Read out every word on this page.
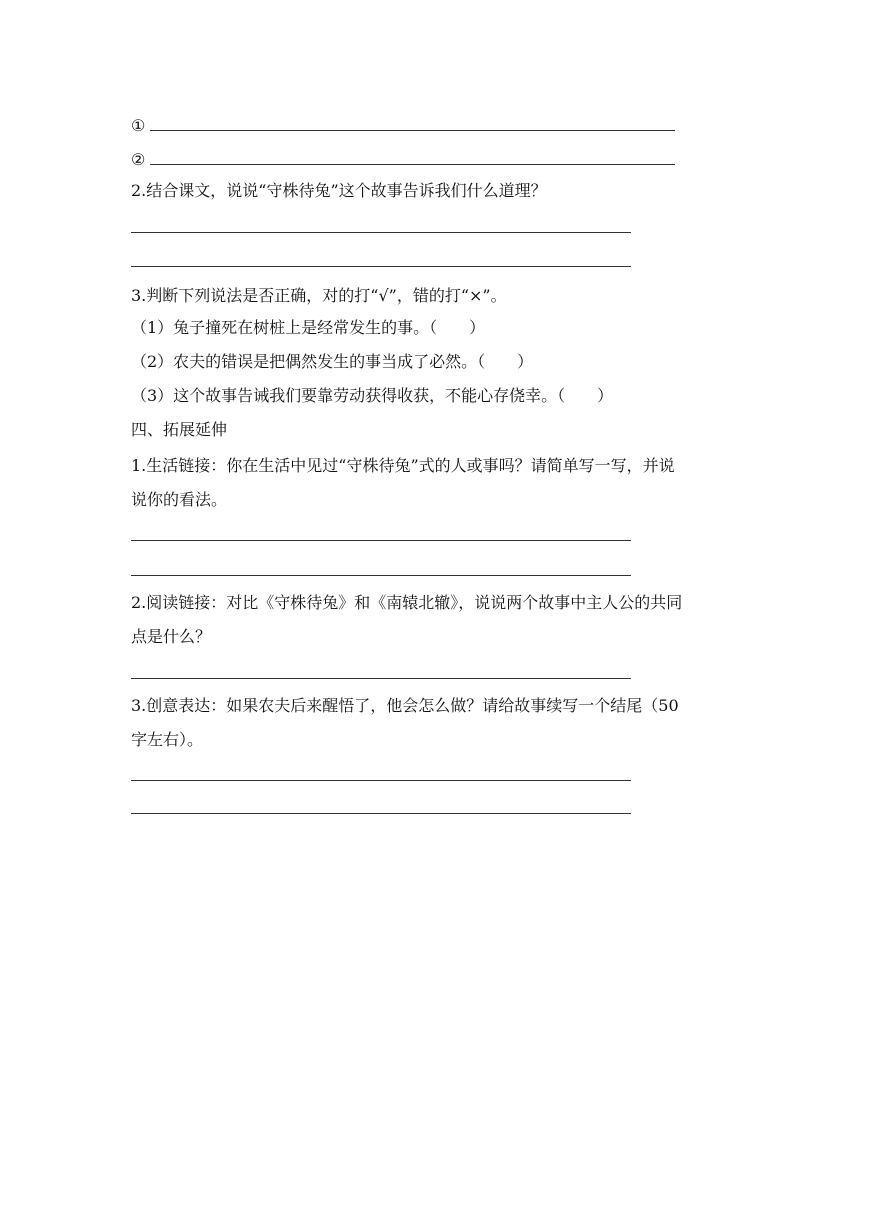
①
②
2.结合课文，说说“守株待兔”这个故事告诉我们什么道理？
3.判断下列说法是否正确，对的打“√”，错的打“×”。
（1）兔子撞死在树桩上是经常发生的事。（　　）
（2）农夫的错误是把偶然发生的事当成了必然。（　　）
（3）这个故事告诫我们要靠劳动获得收获，不能心存侥幸。（　　）
四、拓展延伸
1.生活链接：你在生活中见过“守株待兔”式的人或事吗？请简单写一写，并说
说你的看法。
2.阅读链接：对比《守株待兔》和《南辕北辙》，说说两个故事中主人公的共同
点是什么？
3.创意表达：如果农夫后来醒悟了，他会怎么做？请给故事续写一个结尾（50
字左右）。
